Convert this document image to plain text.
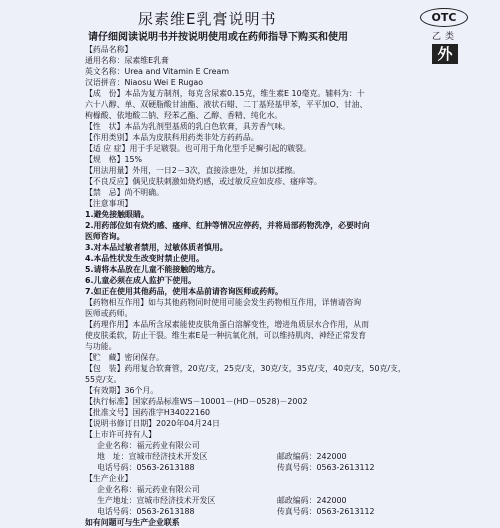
尿素维E乳膏说明书
请仔细阅读说明书并按说明使用或在药师指导下购买和使用
OTC
乙类
外
【药品名称】
通用名称：尿素维E乳膏
英文名称：Urea and Vitamin E Cream
汉语拼音：Niaosu Wei E Rugao
【成　份】本品为复方制剂，每克含尿素0.15克，维生素E 10毫克。辅料为：十
六十八醇、单、双硬脂酸甘油酯、液状石蜡、二丁基羟基甲苯，平平加O、甘油、
枸橼酸、依地酸二钠、羟苯乙酯、乙醇、香精、纯化水。
【性　状】本品为乳剂型基质的乳白色软膏，具芳香气味。
【作用类别】本品为皮肤科用药类非处方药药品。
【适 应 症】用于手足皲裂。也可用于角化型手足癣引起的皲裂。
【规　格】15%
【用法用量】外用，一日2－3次，直接涂患处，并加以揉擦。
【不良反应】偶见皮肤刺激如烧灼感，或过敏反应如皮疹、瘙痒等。
【禁　忌】尚不明确。
【注意事项】
1.避免接触眼睛。
2.用药部位如有烧灼感、瘙痒、红肿等情况应停药，并将局部药物洗净，必要时向
医师咨询。
3.对本品过敏者禁用，过敏体质者慎用。
4.本品性状发生改变时禁止使用。
5.请将本品放在儿童不能接触的地方。
6.儿童必须在成人监护下使用。
7.如正在使用其他药品，使用本品前请咨询医师或药师。
【药物相互作用】如与其他药物同时使用可能会发生药物相互作用，详情请咨询
医师或药师。
【药理作用】本品所含尿素能使皮肤角蛋白溶解变性，增进角质层水合作用，从而
使皮肤柔软，防止干裂。维生素E是一种抗氧化剂，可以维持肌肉、神经正常发育
与功能。
【贮　藏】密闭保存。
【包　装】药用复合软膏管，20克/支，25克/支，30克/支，35克/支，40克/支，50克/支，
55克/支。
【有效期】36个月。
【执行标准】国家药品标准WS－10001－(HD－0528)－2002
【批准文号】国药准字H34022160
【说明书修订日期】2020年04月24日
【上市许可持有人】
企业名称：福元药业有限公司
地　址：宣城市经济技术开发区	邮政编码：242000
电话号码：0563-2613188	传真号码：0563-2613112
【生产企业】
企业名称：福元药业有限公司
生产地址：宣城市经济技术开发区	邮政编码：242000
电话号码：0563-2613188	传真号码：0563-2613112
如有问题可与生产企业联系
